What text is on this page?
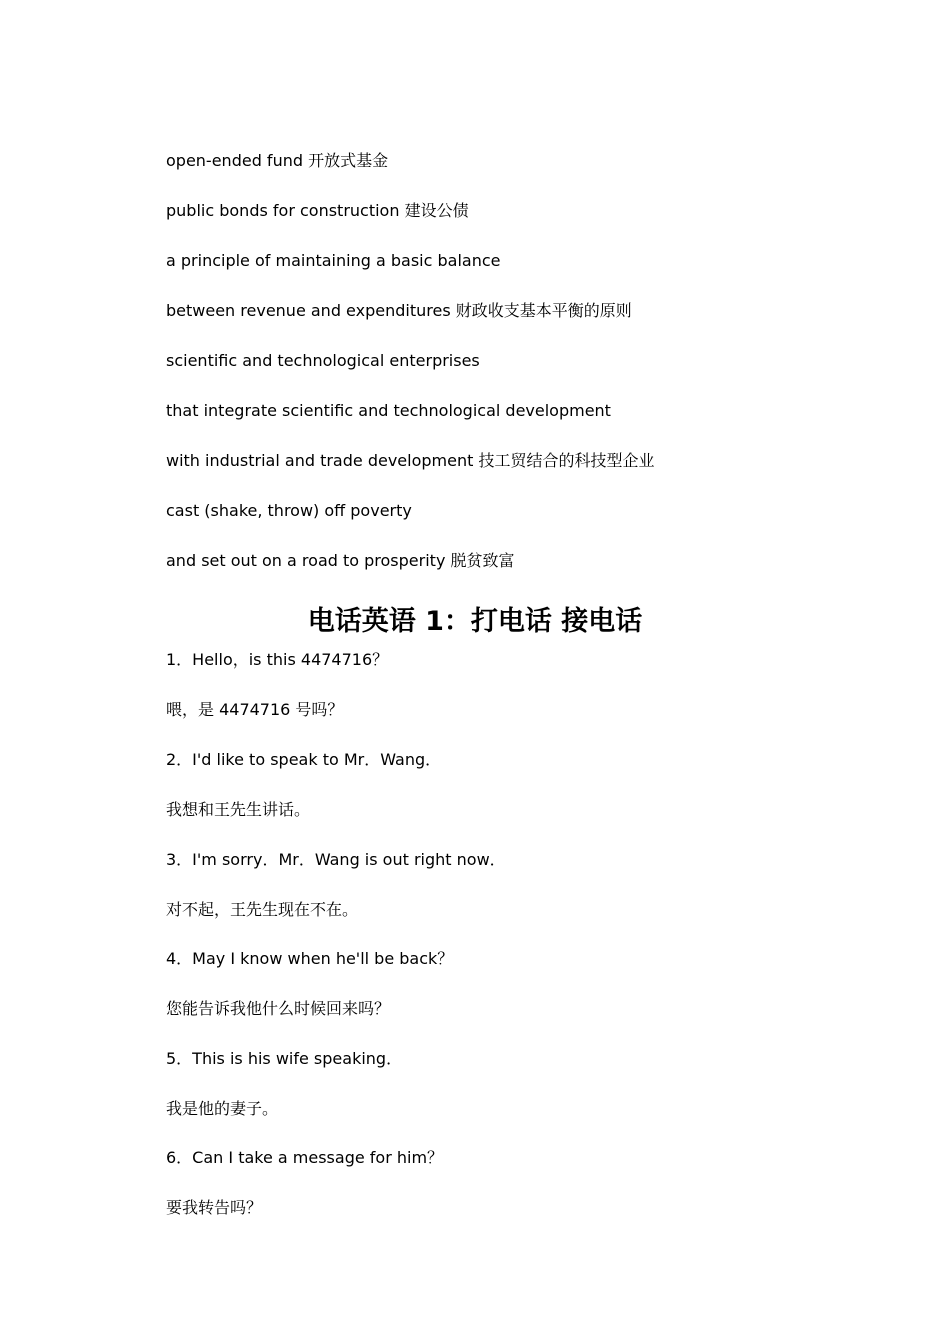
open-ended fund 开放式基金
public bonds for construction 建设公债
a principle of maintaining a basic balance
between revenue and expenditures 财政收支基本平衡的原则
scientific and technological enterprises
that integrate scientific and technological development
with industrial and trade development 技工贸结合的科技型企业
cast (shake, throw) off poverty
and set out on a road to prosperity 脱贫致富
电话英语 1：打电话 接电话
1．Hello，is this 4474716？
喂，是 4474716 号吗？
2．I'd like to speak to Mr．Wang．
我想和王先生讲话。
3．I'm sorry．Mr．Wang is out right now．
对不起，王先生现在不在。
4．May I know when he'll be back？
您能告诉我他什么时候回来吗？
5．This is his wife speaking．
我是他的妻子。
6．Can I take a message for him？
要我转告吗？
